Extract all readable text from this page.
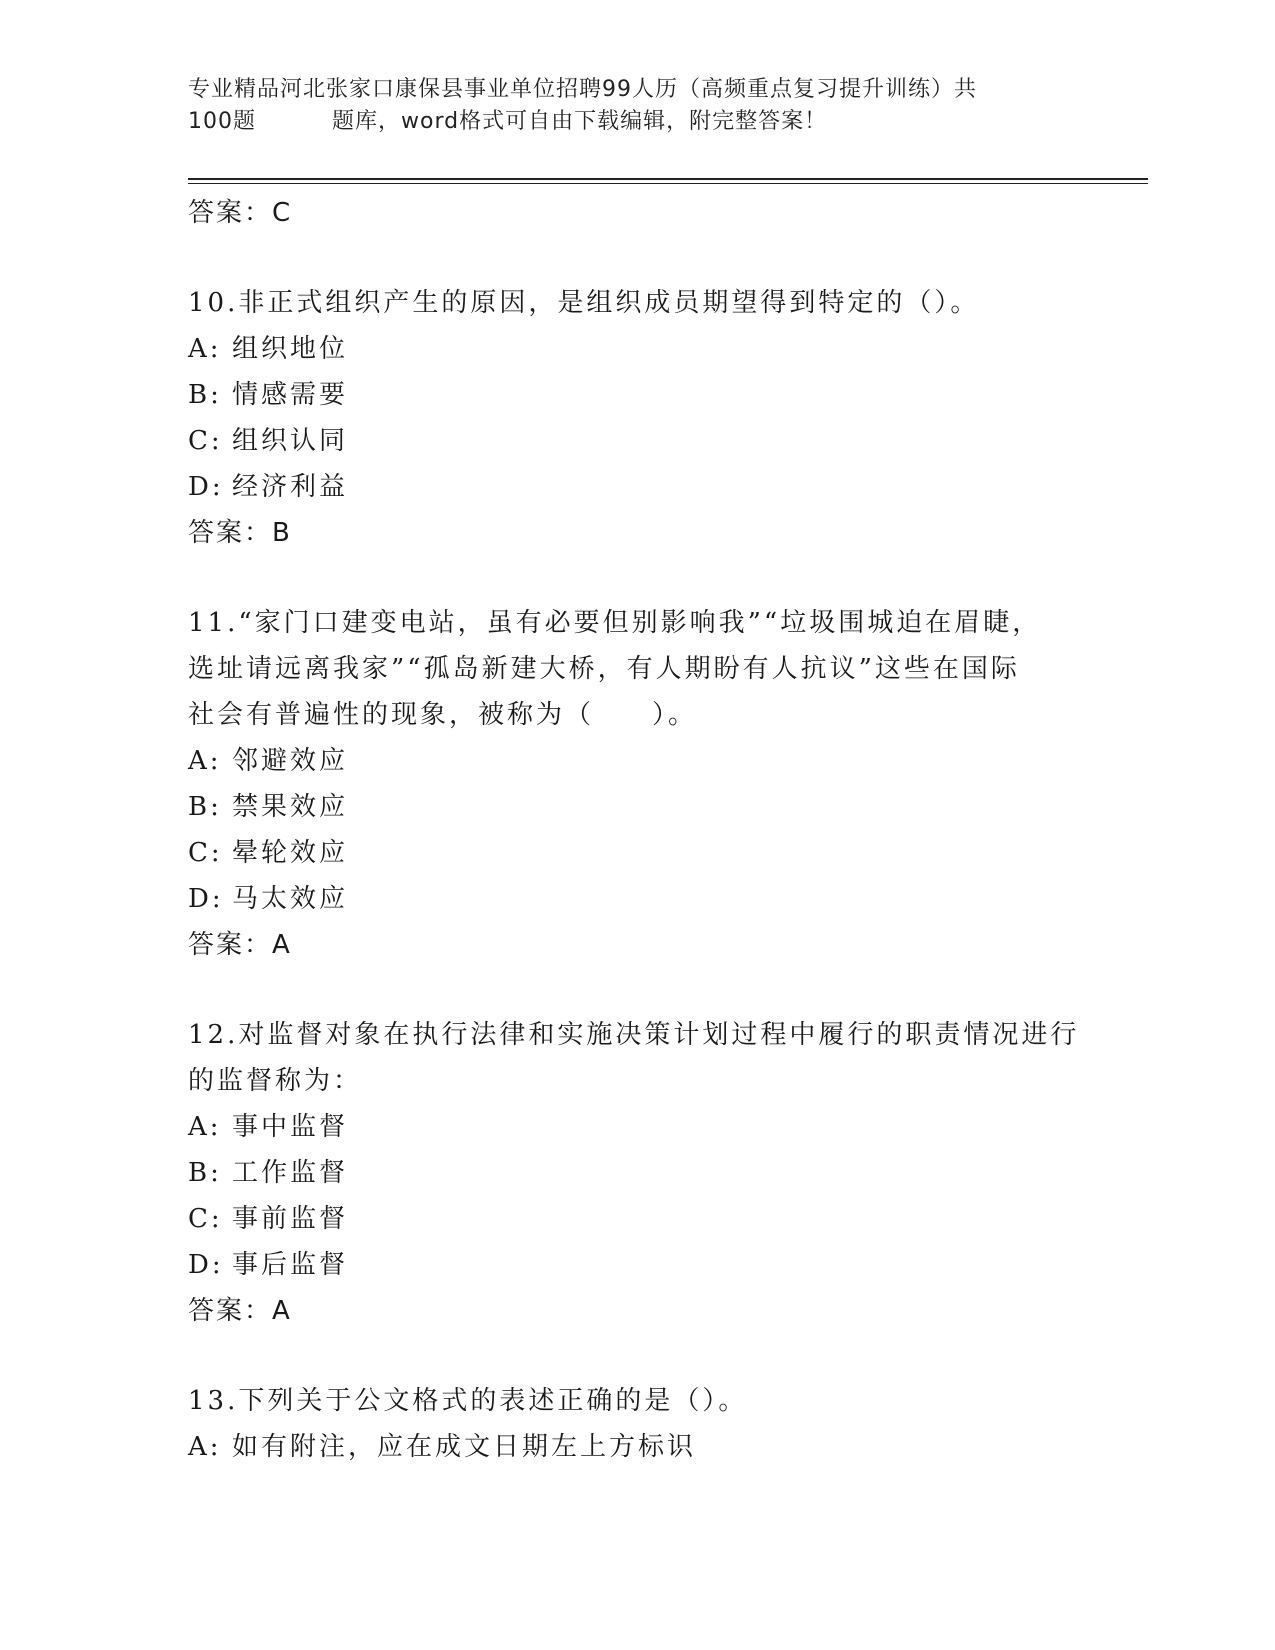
专业精品河北张家口康保县事业单位招聘99人历（高频重点复习提升训练）共
100题	题库，word格式可自由下载编辑，附完整答案！

答案：C

10.非正式组织产生的原因，是组织成员期望得到特定的（）。

A: 组织地位

B: 情感需要

C: 组织认同

D: 经济利益

答案：B

11.“家门口建变电站，虽有必要但别影响我”“垃圾围城迫在眉睫，

选址请远离我家”“孤岛新建大桥，有人期盼有人抗议”这些在国际

社会有普遍性的现象，被称为（　　）。

A: 邻避效应

B: 禁果效应

C: 晕轮效应

D: 马太效应

答案：A

12.对监督对象在执行法律和实施决策计划过程中履行的职责情况进行

的监督称为：

A: 事中监督

B: 工作监督

C: 事前监督

D: 事后监督

答案：A

13.下列关于公文格式的表述正确的是（）。

A: 如有附注，应在成文日期左上方标识
